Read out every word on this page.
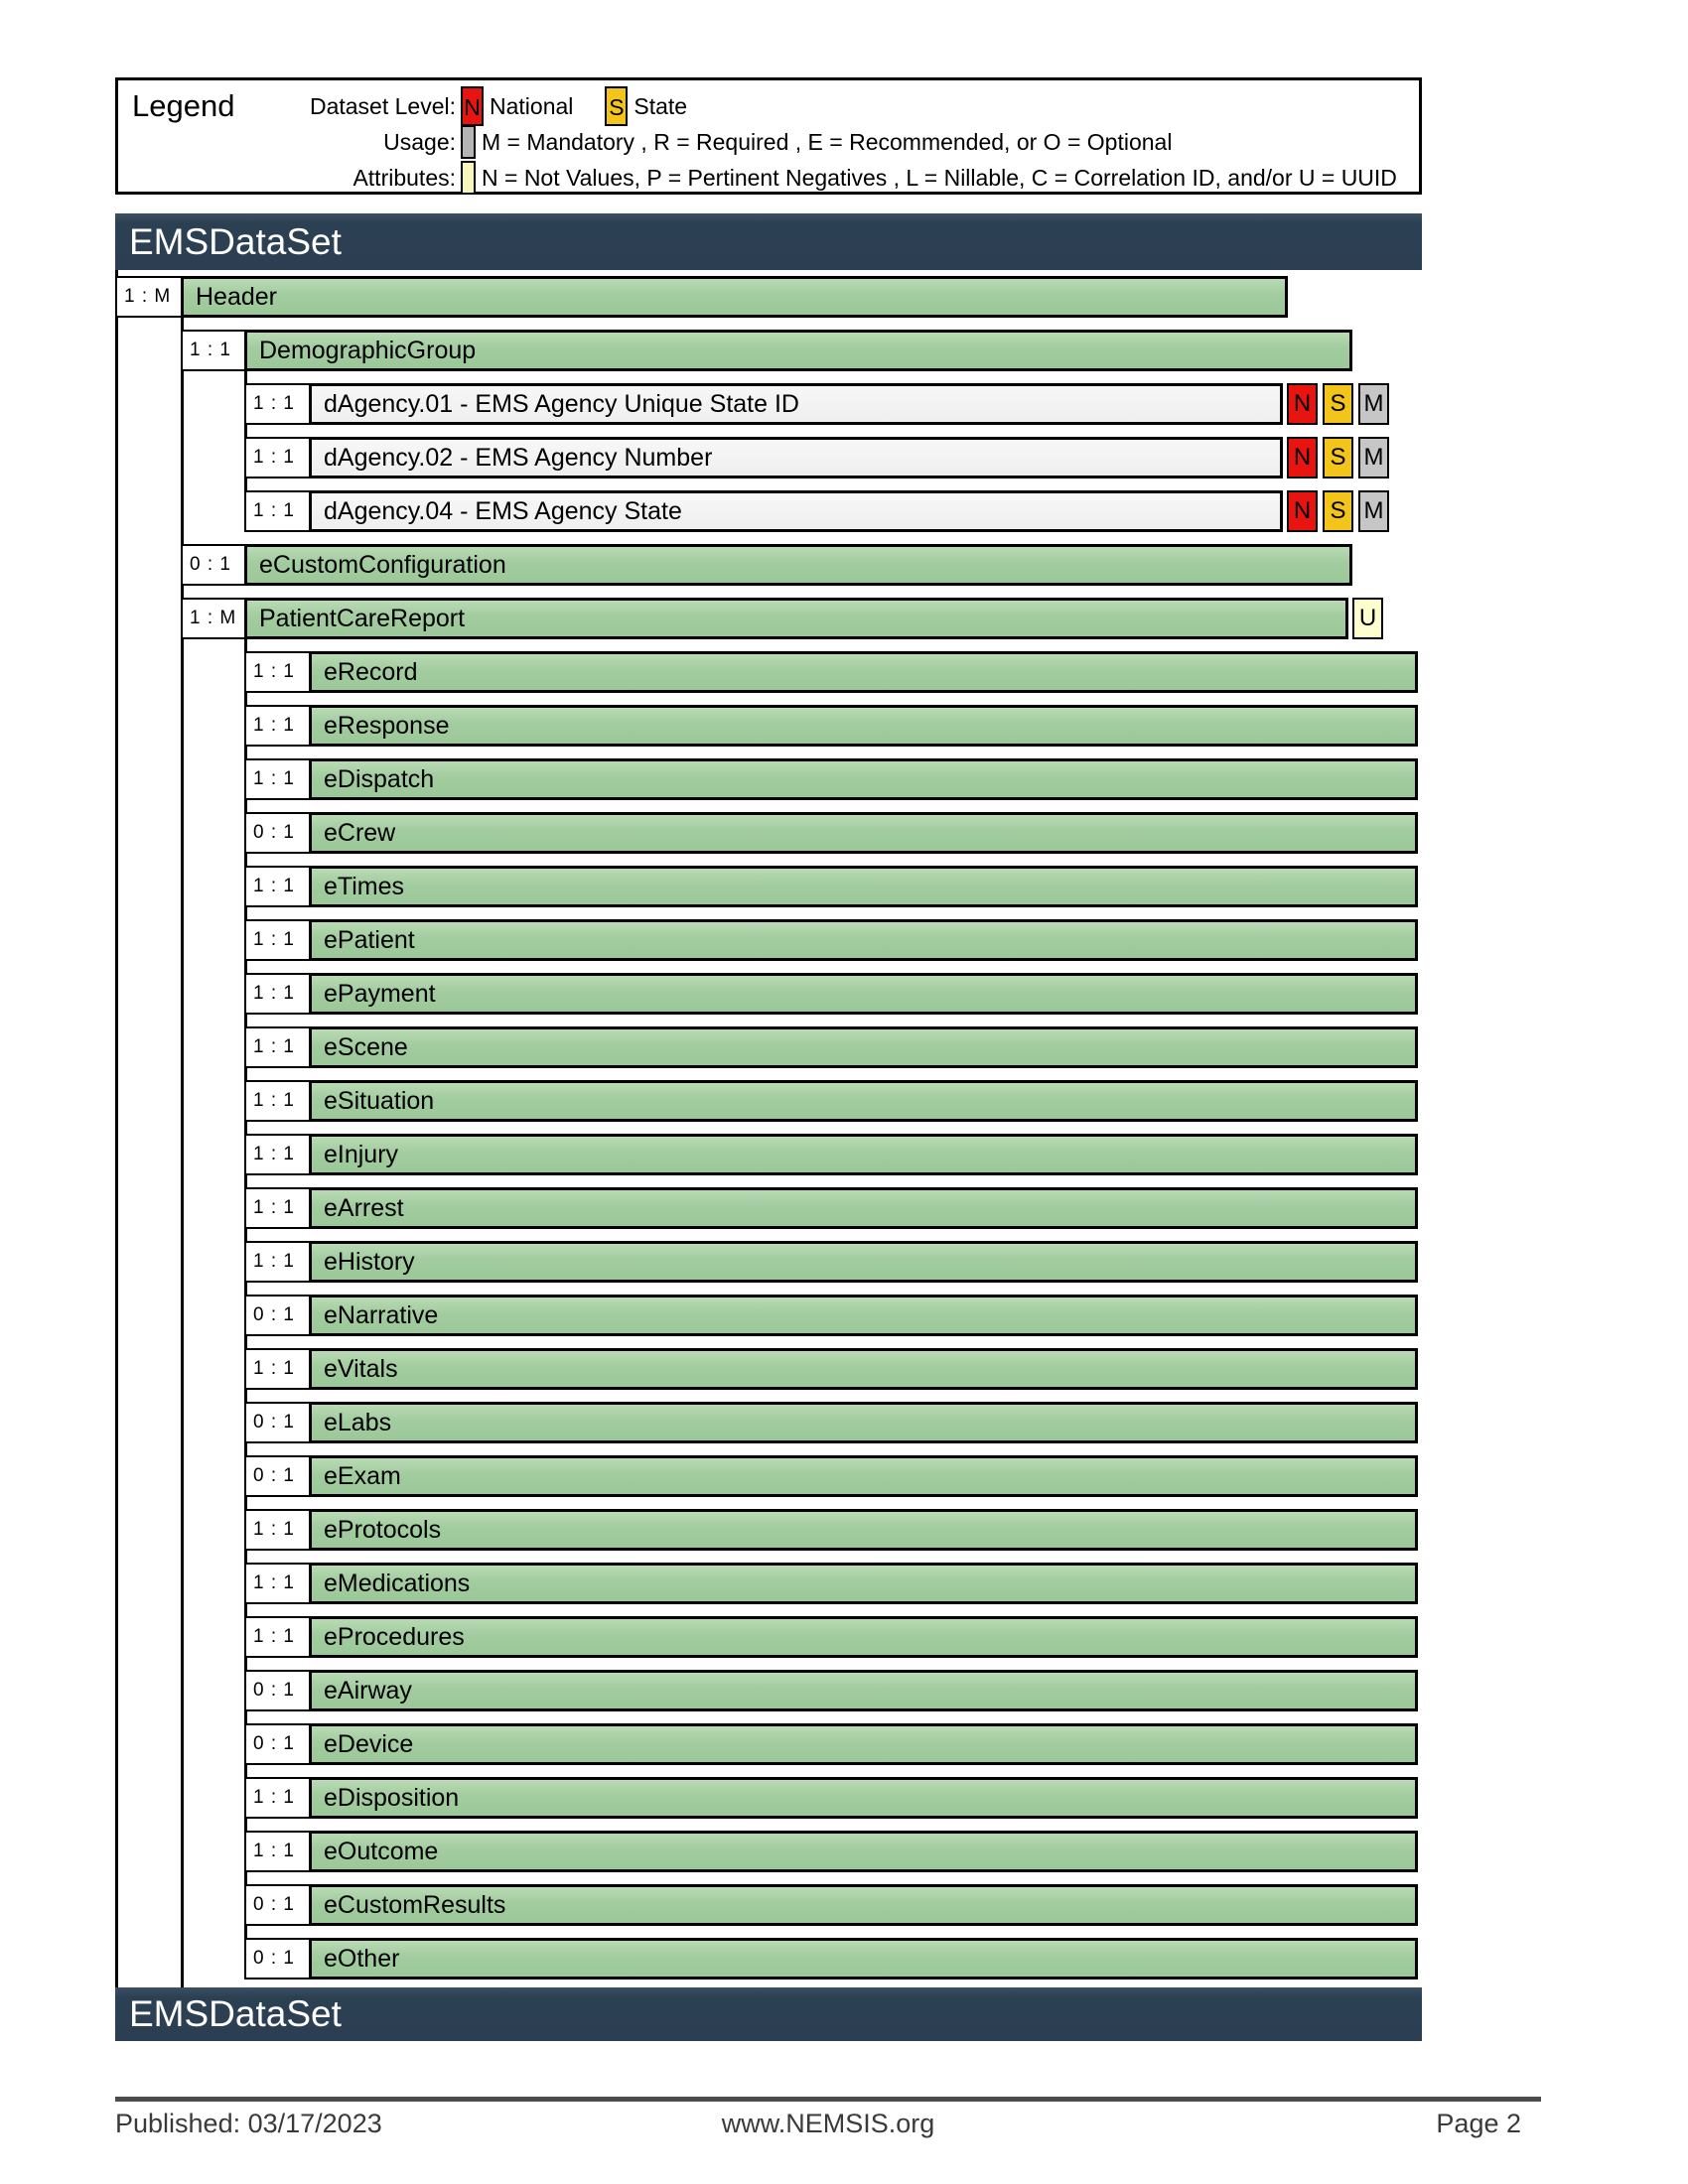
Legend	Dataset Level: N National S State
Usage: M = Mandatory , R = Required , E = Recommended, or O = Optional
Attributes: N = Not Values, P = Pertinent Negatives , L = Nillable, C = Correlation ID, and/or U = UUID
EMSDataSet
1 : M Header
1 : 1	DemographicGroup
1 : 1	dAgency.01 - EMS Agency Unique State ID	N S M
1 : 1	dAgency.02 - EMS Agency Number	N S M
1 : 1	dAgency.04 - EMS Agency State	N S M
0 : 1	eCustomConfiguration
1 : M PatientCareReport	U
1 : 1	eRecord
1 : 1	eResponse
1 : 1	eDispatch
0 : 1	eCrew
1 : 1	eTimes
1 : 1	ePatient
1 : 1	ePayment
1 : 1	eScene
1 : 1	eSituation
1 : 1	eInjury
1 : 1	eArrest
1 : 1	eHistory
0 : 1	eNarrative
1 : 1	eVitals
0 : 1	eLabs
0 : 1	eExam
1 : 1	eProtocols
1 : 1	eMedications
1 : 1	eProcedures
0 : 1	eAirway
0 : 1	eDevice
1 : 1	eDisposition
1 : 1	eOutcome
0 : 1	eCustomResults
0 : 1	eOther
EMSDataSet
Published: 03/17/2023	www.NEMSIS.org	Page 2
